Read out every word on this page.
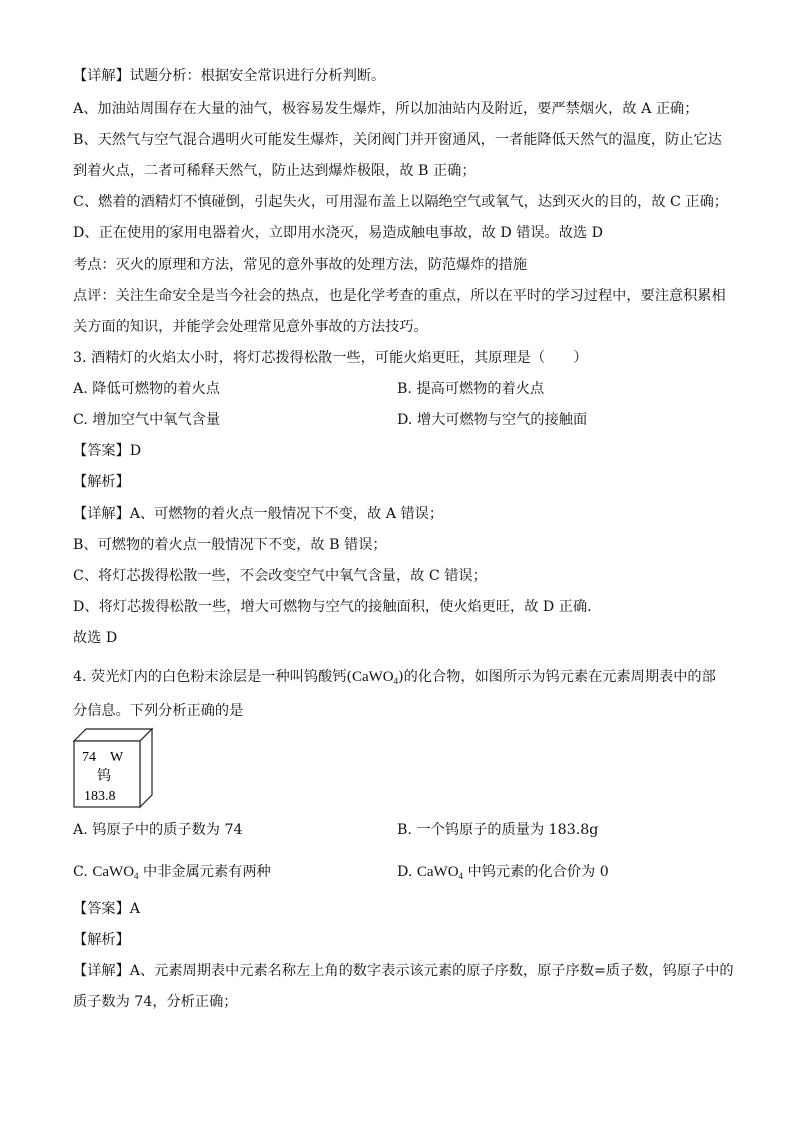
【详解】试题分析：根据安全常识进行分析判断。
A、加油站周围存在大量的油气，极容易发生爆炸，所以加油站内及附近，要严禁烟火，故 A 正确；
B、天然气与空气混合遇明火可能发生爆炸，关闭阀门并开窗通风，一者能降低天然气的温度，防止它达
到着火点，二者可稀释天然气，防止达到爆炸极限，故 B 正确；
C、燃着的酒精灯不慎碰倒，引起失火，可用湿布盖上以隔绝空气或氧气，达到灭火的目的，故 C 正确；
D、正在使用的家用电器着火，立即用水浇灭，易造成触电事故，故 D 错误。故选 D
考点：灭火的原理和方法，常见的意外事故的处理方法，防范爆炸的措施
点评：关注生命安全是当今社会的热点，也是化学考查的重点，所以在平时的学习过程中，要注意积累相
关方面的知识，并能学会处理常见意外事故的方法技巧。
3. 酒精灯的火焰太小时，将灯芯拨得松散一些，可能火焰更旺，其原理是（　　）
A. 降低可燃物的着火点	B. 提高可燃物的着火点
C. 增加空气中氧气含量	D. 增大可燃物与空气的接触面
【答案】D
【解析】
【详解】A、可燃物的着火点一般情况下不变，故 A 错误；
B、可燃物的着火点一般情况下不变，故 B 错误；
C、将灯芯拨得松散一些，不会改变空气中氧气含量，故 C 错误；
D、将灯芯拨得松散一些，增大可燃物与空气的接触面积，使火焰更旺，故 D 正确.
故选 D
4. 荧光灯内的白色粉末涂层是一种叫钨酸钙(CaWO$_4$)的化合物，如图所示为钨元素在元素周期表中的部
分信息。下列分析正确的是
74 W
钨
183.8
A. 钨原子中的质子数为 74	B. 一个钨原子的质量为 183.8g
C. CaWO$_4$ 中非金属元素有两种	D. CaWO$_4$ 中钨元素的化合价为 0
【答案】A
【解析】
【详解】A、元素周期表中元素名称左上角的数字表示该元素的原子序数，原子序数=质子数，钨原子中的
质子数为 74，分析正确；
